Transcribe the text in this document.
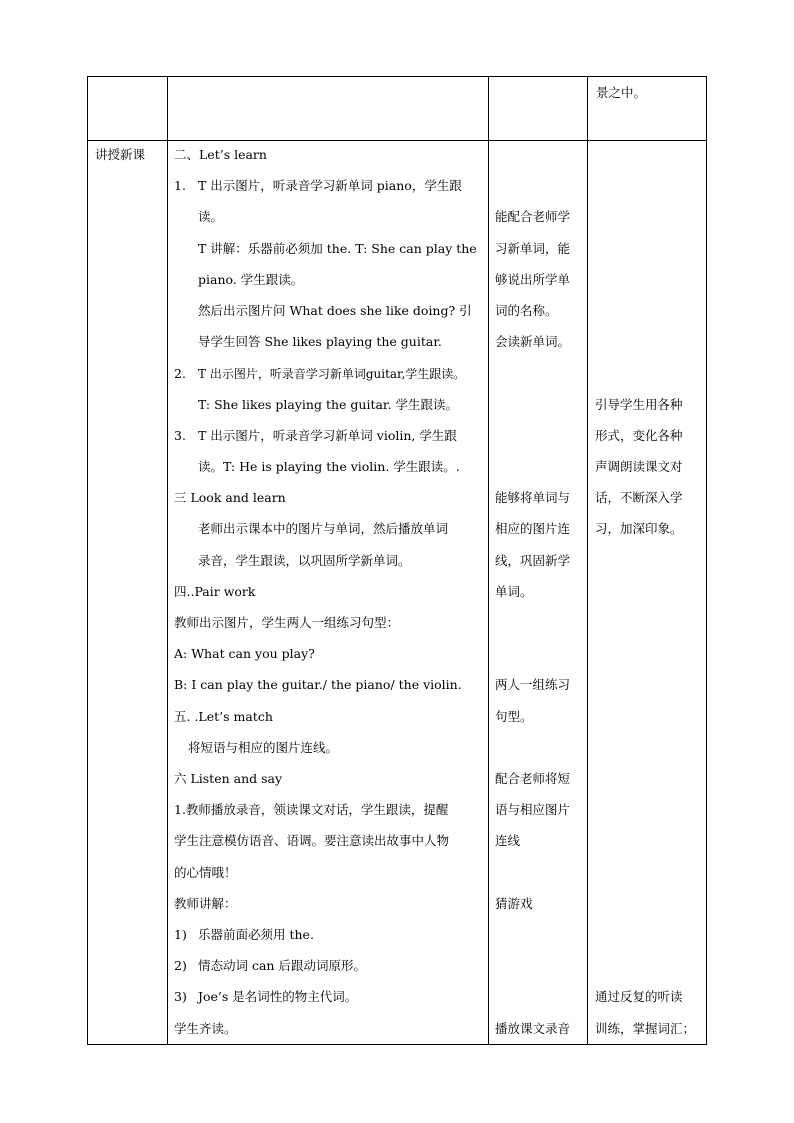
景之中。
讲授新课 二、Let’s learn
1. T 出示图片，听录音学习新单词 piano，学生跟
读。
T 讲解：乐器前必须加 the. T: She can play the
piano. 学生跟读。
然后出示图片问 What does she like doing? 引
导学生回答 She likes playing the guitar.
2. T 出示图片，听录音学习新单词guitar,学生跟读。
T: She likes playing the guitar. 学生跟读。
3. T 出示图片，听录音学习新单词 violin, 学生跟
读。T: He is playing the violin. 学生跟读。.
三 Look and learn
老师出示课本中的图片与单词，然后播放单词
录音，学生跟读，以巩固所学新单词。
四..Pair work
教师出示图片，学生两人一组练习句型：
A: What can you play?
B: I can play the guitar./ the piano/ the violin.
五. .Let’s match
将短语与相应的图片连线。
六 Listen and say
1.教师播放录音，领读课文对话，学生跟读，提醒
学生注意模仿语音、语调。要注意读出故事中人物
的心情哦！
教师讲解：
1) 乐器前面必须用 the.
2) 情态动词 can 后跟动词原形。
3) Joe’s 是名词性的物主代词。
学生齐读。
能配合老师学
习新单词，能
够说出所学单
词的名称。
会读新单词。
能够将单词与
相应的图片连
线，巩固新学
单词。
两人一组练习
句型。
配合老师将短
语与相应图片
连线
猜游戏
播放课文录音
引导学生用各种
形式，变化各种
声调朗读课文对
话，不断深入学
习，加深印象。
通过反复的听读
训练，掌握词汇；
